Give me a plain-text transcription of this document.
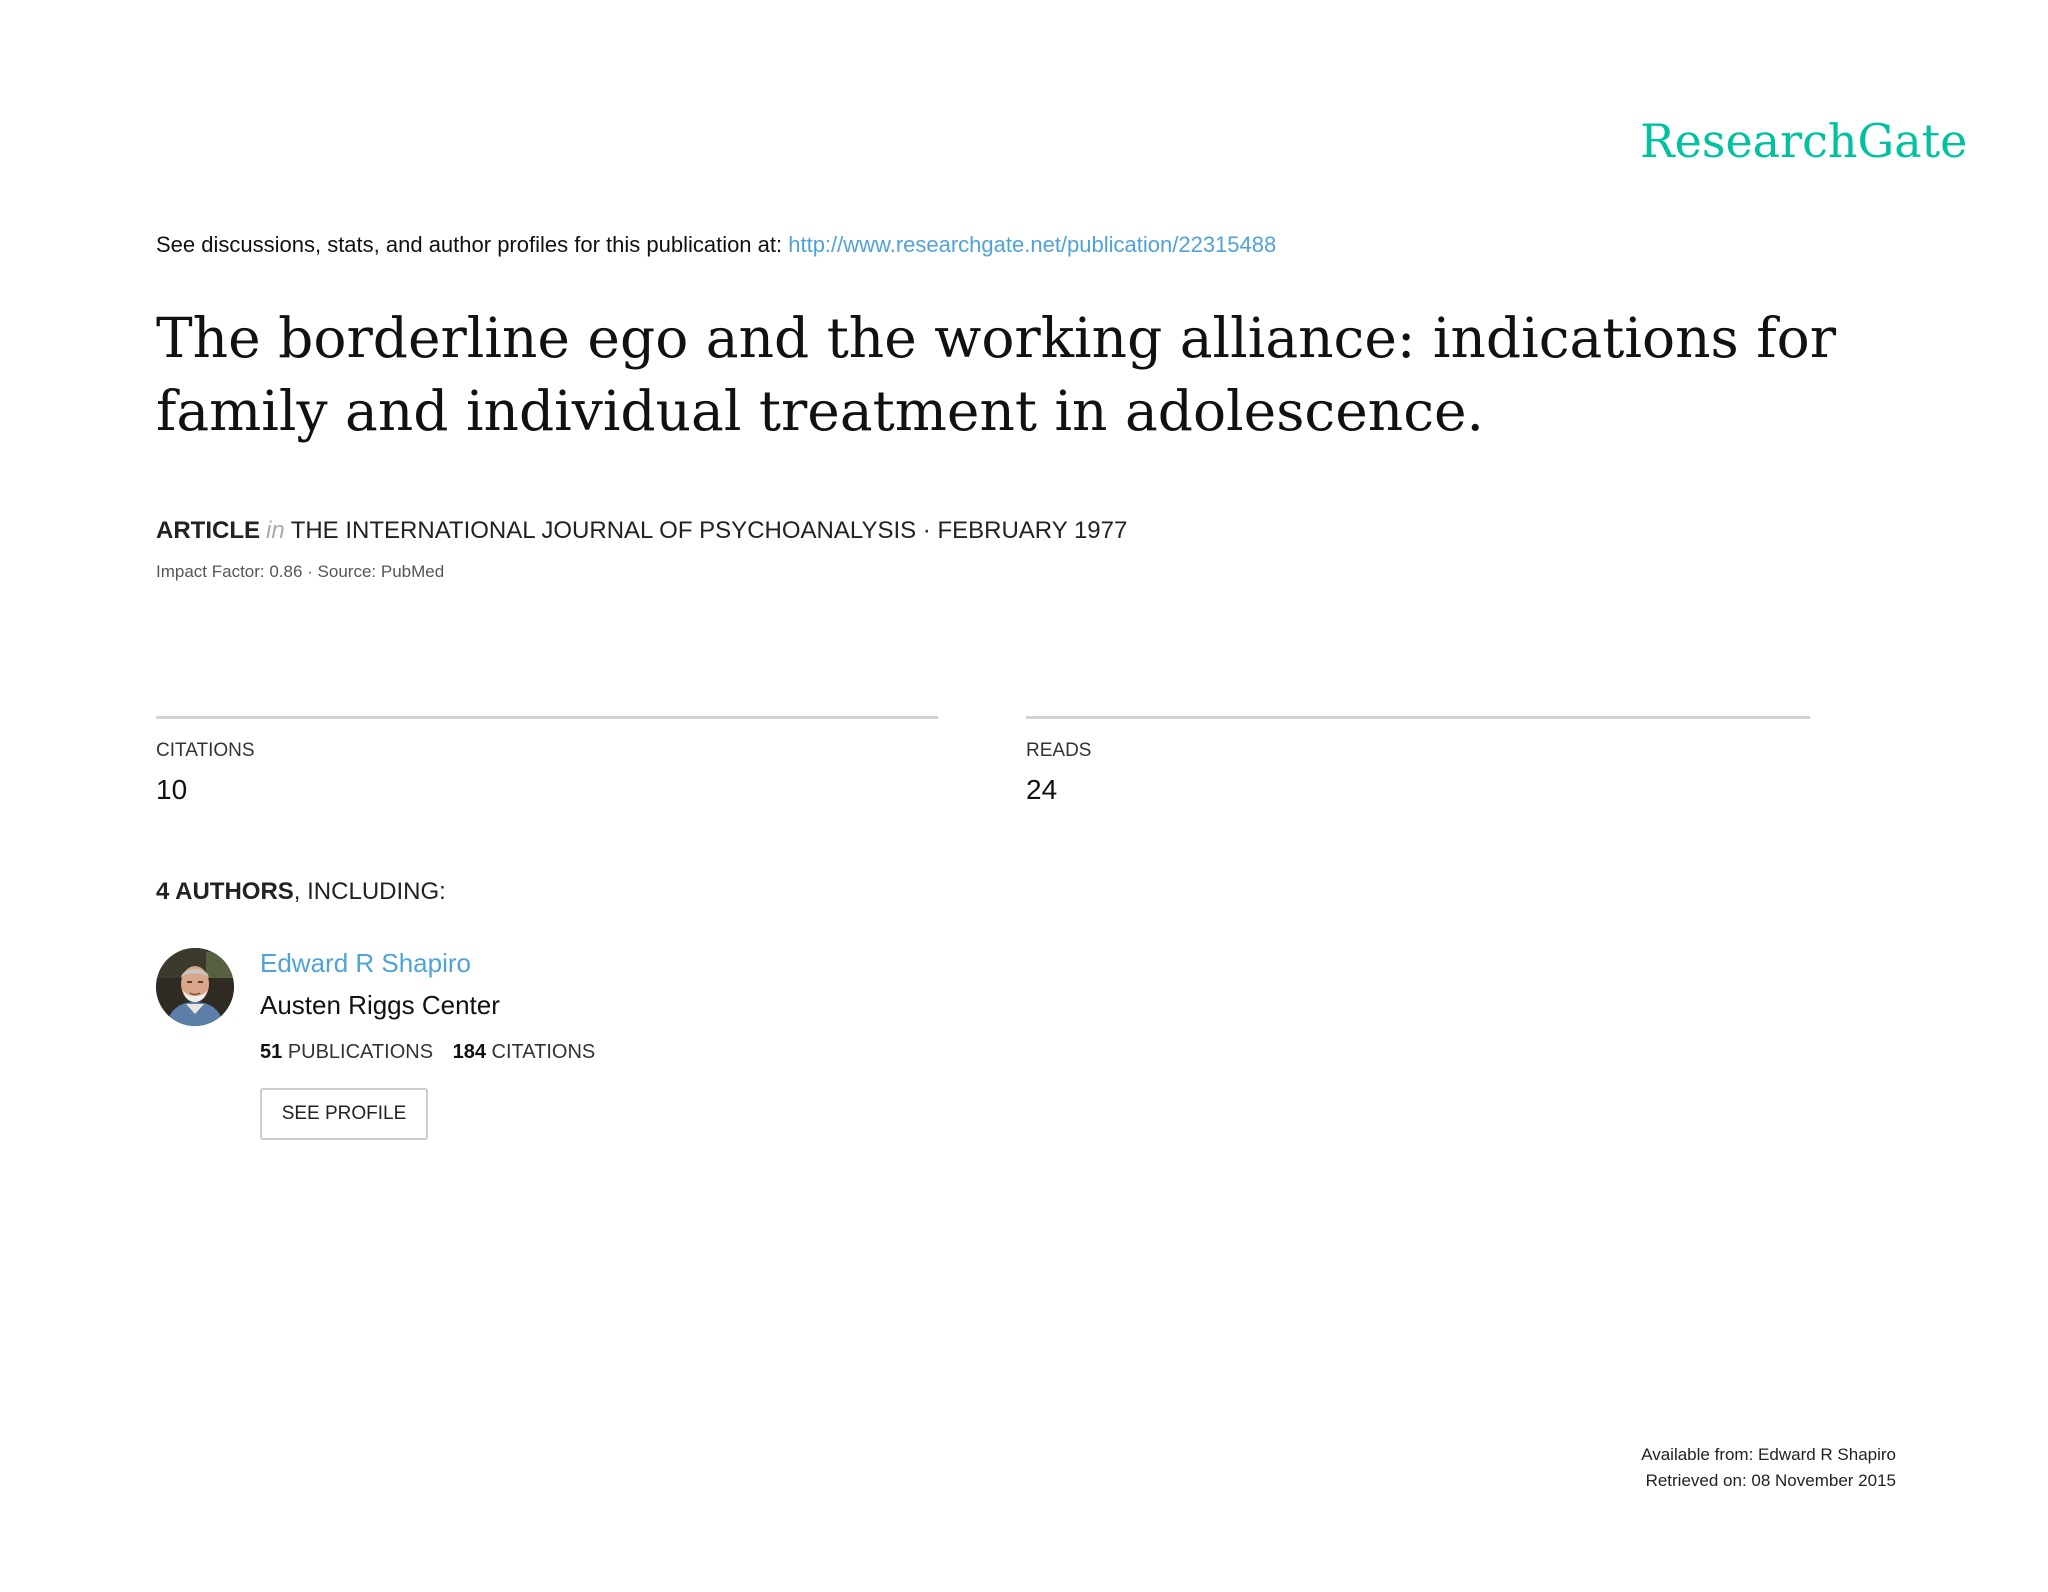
ResearchGate
See discussions, stats, and author profiles for this publication at: http://www.researchgate.net/publication/22315488
The borderline ego and the working alliance: indications for family and individual treatment in adolescence.
ARTICLE in THE INTERNATIONAL JOURNAL OF PSYCHOANALYSIS · FEBRUARY 1977
Impact Factor: 0.86 · Source: PubMed
CITATIONS
10
READS
24
4 AUTHORS, INCLUDING:
Edward R Shapiro
Austen Riggs Center
51 PUBLICATIONS 184 CITATIONS
SEE PROFILE
Available from: Edward R Shapiro
Retrieved on: 08 November 2015
